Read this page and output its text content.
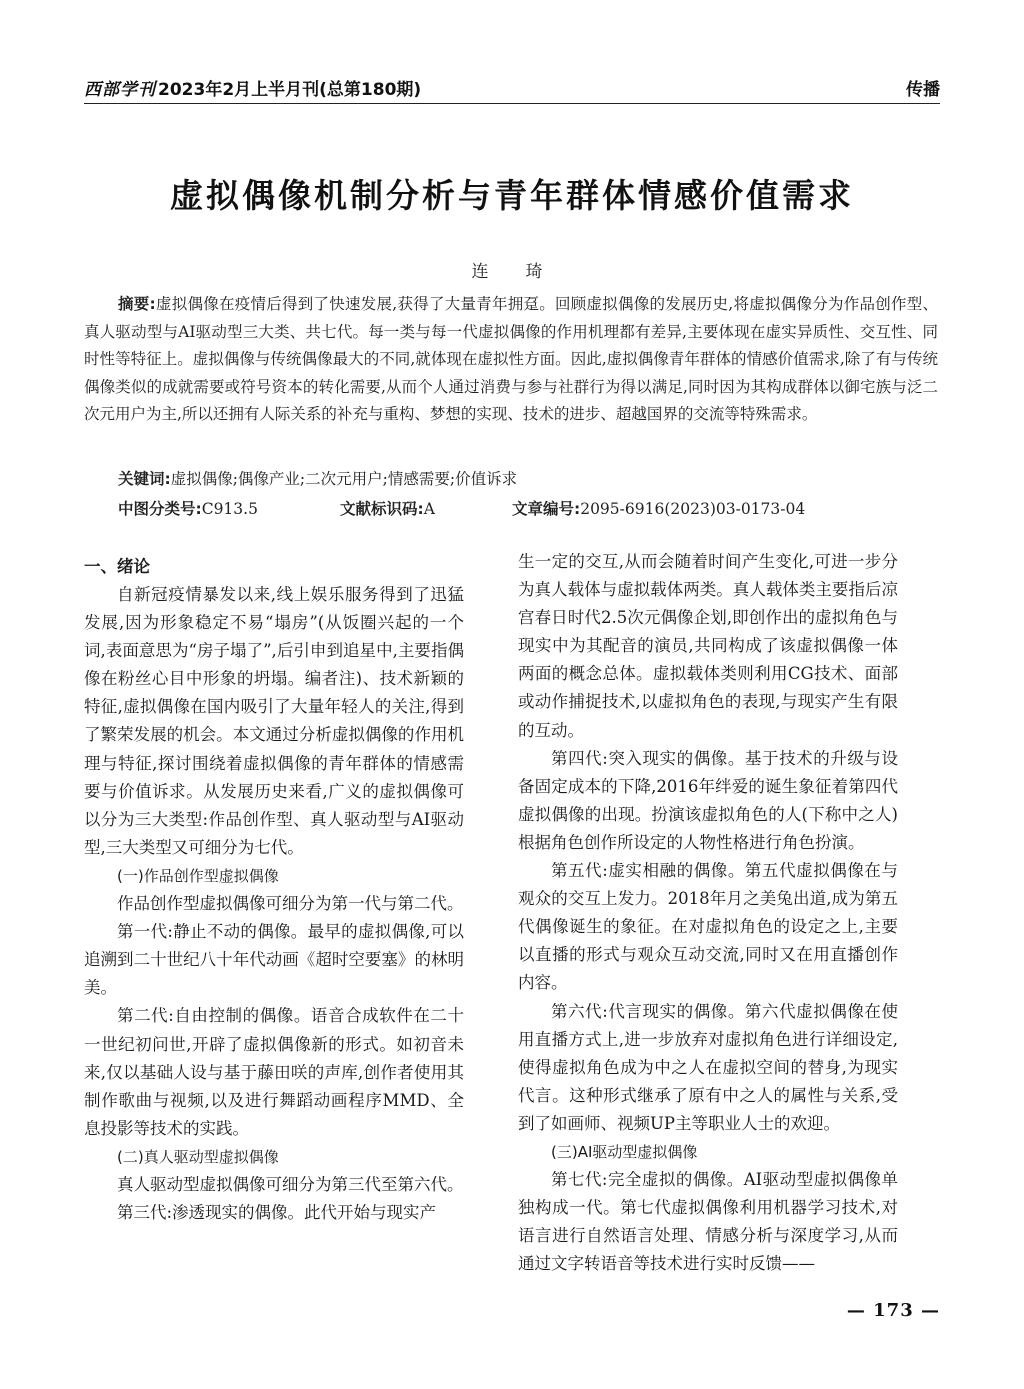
西部学刊 2023年2月上半月刊(总第180期)	传播
虚拟偶像机制分析与青年群体情感价值需求
连　琦
摘要:虚拟偶像在疫情后得到了快速发展,获得了大量青年拥趸。回顾虚拟偶像的发展历史,将虚拟偶像分为作品创作型、真人驱动型与AI驱动型三大类、共七代。每一类与每一代虚拟偶像的作用机理都有差异,主要体现在虚实异质性、交互性、同时性等特征上。虚拟偶像与传统偶像最大的不同,就体现在虚拟性方面。因此,虚拟偶像青年群体的情感价值需求,除了有与传统偶像类似的成就需要或符号资本的转化需要,从而个人通过消费与参与社群行为得以满足,同时因为其构成群体以御宅族与泛二次元用户为主,所以还拥有人际关系的补充与重构、梦想的实现、技术的进步、超越国界的交流等特殊需求。
关键词:虚拟偶像;偶像产业;二次元用户;情感需要;价值诉求
中图分类号:C913.5	文献标识码:A	文章编号:2095-6916(2023)03-0173-04
一、绪论

自新冠疫情暴发以来,线上娱乐服务得到了迅猛发展,因为形象稳定不易“塌房”(从饭圈兴起的一个词,表面意思为“房子塌了”,后引申到追星中,主要指偶像在粉丝心目中形象的坍塌。编者注)、技术新颖的特征,虚拟偶像在国内吸引了大量年轻人的关注,得到了繁荣发展的机会。本文通过分析虚拟偶像的作用机理与特征,探讨围绕着虚拟偶像的青年群体的情感需要与价值诉求。从发展历史来看,广义的虚拟偶像可以分为三大类型:作品创作型、真人驱动型与AI驱动型,三大类型又可细分为七代。

(一)作品创作型虚拟偶像

作品创作型虚拟偶像可细分为第一代与第二代。

第一代:静止不动的偶像。最早的虚拟偶像,可以追溯到二十世纪八十年代动画《超时空要塞》的林明美。

第二代:自由控制的偶像。语音合成软件在二十一世纪初问世,开辟了虚拟偶像新的形式。如初音未来,仅以基础人设与基于藤田咲的声库,创作者使用其制作歌曲与视频,以及进行舞蹈动画程序MMD、全息投影等技术的实践。

(二)真人驱动型虚拟偶像

真人驱动型虚拟偶像可细分为第三代至第六代。

第三代:渗透现实的偶像。此代开始与现实产

生一定的交互,从而会随着时间产生变化,可进一步分为真人载体与虚拟载体两类。真人载体类主要指后凉宫春日时代2.5次元偶像企划,即创作出的虚拟角色与现实中为其配音的演员,共同构成了该虚拟偶像一体两面的概念总体。虚拟载体类则利用CG技术、面部或动作捕捉技术,以虚拟角色的表现,与现实产生有限的互动。

第四代:突入现实的偶像。基于技术的升级与设备固定成本的下降,2016年绊爱的诞生象征着第四代虚拟偶像的出现。扮演该虚拟角色的人(下称中之人)根据角色创作所设定的人物性格进行角色扮演。

第五代:虚实相融的偶像。第五代虚拟偶像在与观众的交互上发力。2018年月之美兔出道,成为第五代偶像诞生的象征。在对虚拟角色的设定之上,主要以直播的形式与观众互动交流,同时又在用直播创作内容。

第六代:代言现实的偶像。第六代虚拟偶像在使用直播方式上,进一步放弃对虚拟角色进行详细设定,使得虚拟角色成为中之人在虚拟空间的替身,为现实代言。这种形式继承了原有中之人的属性与关系,受到了如画师、视频UP主等职业人士的欢迎。

(三)AI驱动型虚拟偶像

第七代:完全虚拟的偶像。AI驱动型虚拟偶像单独构成一代。第七代虚拟偶像利用机器学习技术,对语言进行自然语言处理、情感分析与深度学习,从而通过文字转语音等技术进行实时反馈——

— 173 —
